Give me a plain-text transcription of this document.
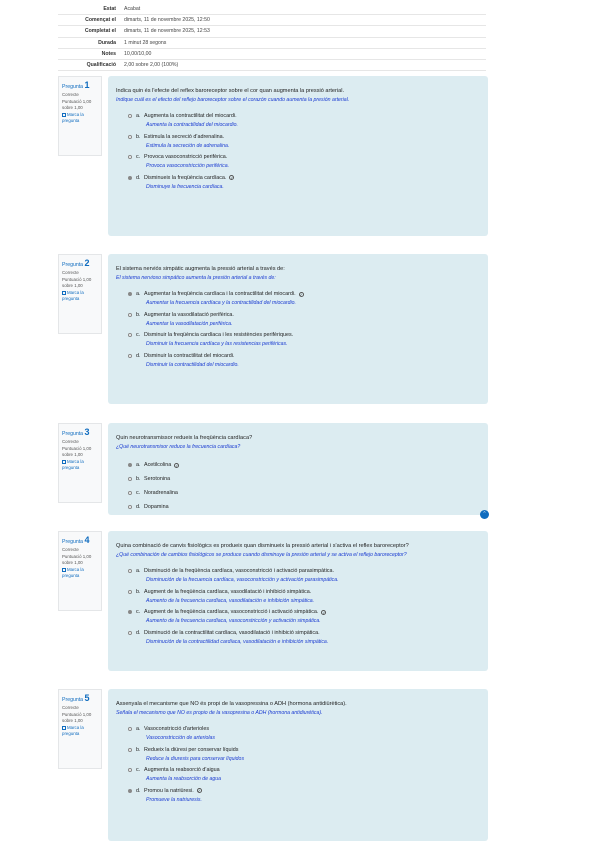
Estat	Acabat
Començat el	dimarts, 11 de novembre 2025, 12:50
Completat el	dimarts, 11 de novembre 2025, 12:53
Durada	1 minut 28 segons
Notes	10,00/10,00
Qualificació	2,00 sobre 2,00 (100%)
Pregunta 1
Correcte
Puntuació 1,00 sobre 1,00
Marca la pregunta
Indica quin és l'efecte del reflex baroreceptor sobre el cor quan augmenta la pressió arterial.
Indique cuál es el efecto del reflejo baroreceptor sobre el corazón cuando aumenta la presión arterial.
a. Augmenta la contractilitat del miocardi.
Aumenta la contractilidad del miocardio.
b. Estimula la secreció d'adrenalina.
Estimula la secreción de adrenalina.
c. Provoca vasoconstricció perifèrica.
Provoca vasoconstricción periférica.
d. Disminueix la freqüència cardíaca. ✓
Disminuye la frecuencia cardíaca.
Pregunta 2
Correcte
Puntuació 1,00 sobre 1,00
Marca la pregunta
El sistema nerviós simpàtic augmenta la pressió arterial a través de:
El sistema nervioso simpático aumenta la presión arterial a través de:
a. Augmentar la freqüència cardíaca i la contractilitat del miocardi. ✓
Aumentar la frecuencia cardíaca y la contractilidad del miocardio.
b. Augmentar la vasodilatació perifèrica.
Aumentar la vasodilatación periférica.
c. Disminuir la freqüència cardíaca i les resistències perifèriques.
Disminuir la frecuencia cardíaca y las resistencias periféricas.
d. Disminuir la contractilitat del miocardi.
Disminuir la contractilidad del miocardio.
Pregunta 3
Correcte
Puntuació 1,00 sobre 1,00
Marca la pregunta
Quin neurotransmissor redueix la freqüència cardíaca?
¿Qué neurotransmisor reduce la frecuencia cardíaca?
a. Acetilcolina ✓
b. Serotonina
c. Noradrenalina
d. Dopamina
⌃
Pregunta 4
Correcte
Puntuació 1,00 sobre 1,00
Marca la pregunta
Quina combinació de canvis fisiològics es produeix quan disminueix la pressió arterial i s'activa el reflex baroreceptor?
¿Qué combinación de cambios fisiológicos se produce cuando disminuye la presión arterial y se activa el reflejo baroreceptor?
a. Disminució de la freqüència cardíaca, vasoconstricció i activació parasimpàtica.
Disminución de la frecuencia cardíaca, vasoconstricción y activación parasimpática.
b. Augment de la freqüència cardíaca, vasodilatació i inhibició simpàtica.
Aumento de la frecuencia cardíaca, vasodilatación e inhibición simpática.
c. Augment de la freqüència cardíaca, vasoconstricció i activació simpàtica. ✓
Aumento de la frecuencia cardíaca, vasoconstricción y activación simpática.
d. Disminució de la contractilitat cardíaca, vasodilatació i inhibició simpàtica.
Disminución de la contractilidad cardíaca, vasodilatación e inhibición simpática.
Pregunta 5
Correcte
Puntuació 1,00 sobre 1,00
Marca la pregunta
Assenyala el mecanisme que NO és propi de la vasopressina o ADH (hormona antidiürètica).
Señala el mecanismo que NO es propio de la vasopresina o ADH (hormona antidiurética).
a. Vasoconstricció d'arterioles
Vasoconstricción de arteriolas
b. Redueix la diüresi per conservar líquids
Reduce la diuresis para conservar líquidos
c. Augmenta la reabsorció d'aigua
Aumenta la reabsorción de agua
d. Promou la natriüresi. ✓
Promueve la natriuresis.
